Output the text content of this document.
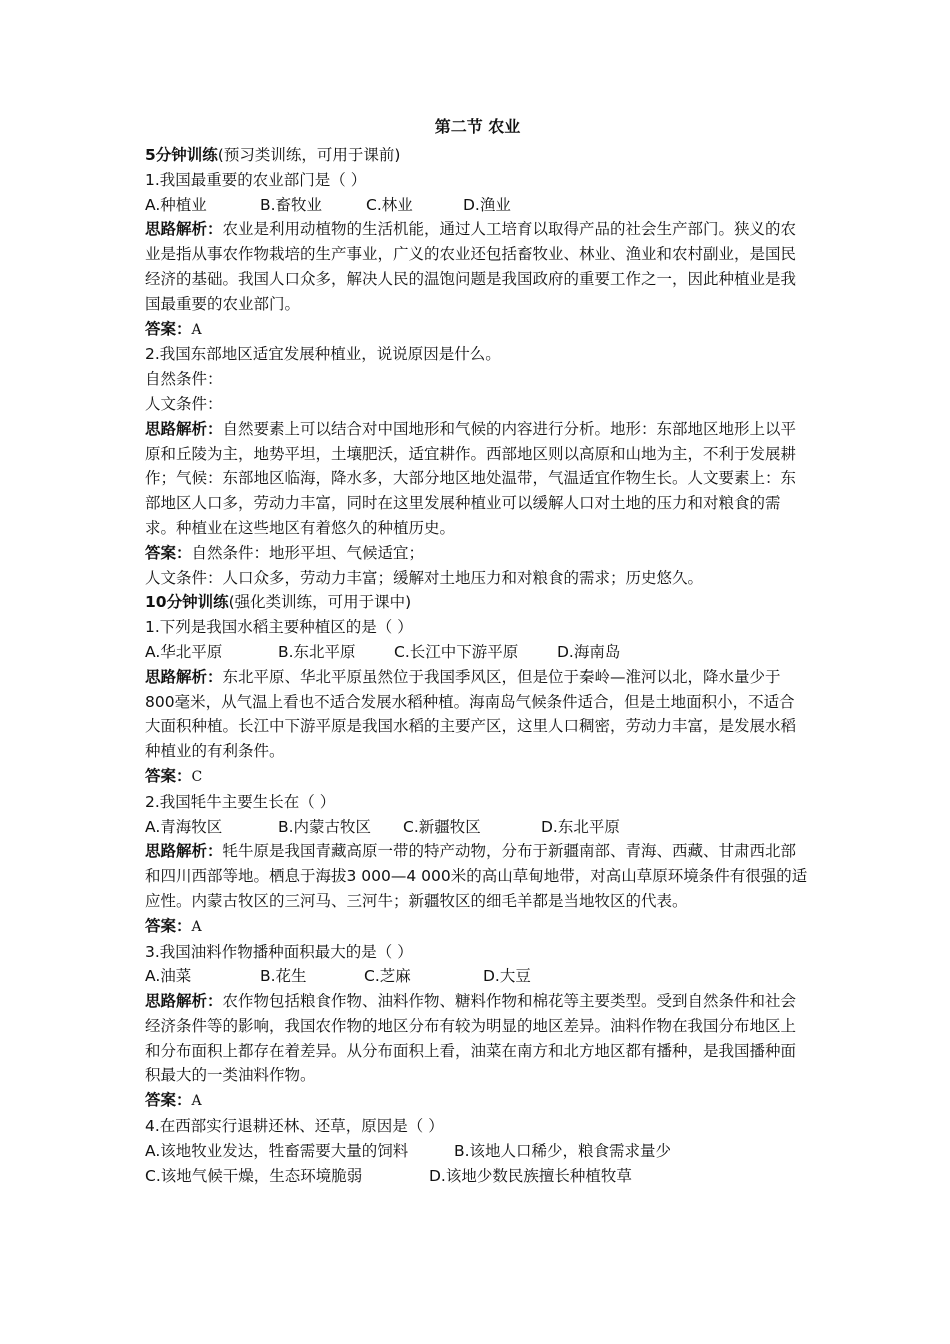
第二节 农业
5分钟训练(预习类训练，可用于课前)
1.我国最重要的农业部门是（ ）
A.种植业	B.畜牧业	C.林业	D.渔业
思路解析：农业是利用动植物的生活机能，通过人工培育以取得产品的社会生产部门。狭义的农业是指从事农作物栽培的生产事业，广义的农业还包括畜牧业、林业、渔业和农村副业，是国民经济的基础。我国人口众多，解决人民的温饱问题是我国政府的重要工作之一，因此种植业是我国最重要的农业部门。
答案：A
2.我国东部地区适宜发展种植业，说说原因是什么。
自然条件：
人文条件：
思路解析：自然要素上可以结合对中国地形和气候的内容进行分析。地形：东部地区地形上以平原和丘陵为主，地势平坦，土壤肥沃，适宜耕作。西部地区则以高原和山地为主，不利于发展耕作；气候：东部地区临海，降水多，大部分地区地处温带，气温适宜作物生长。人文要素上：东部地区人口多，劳动力丰富，同时在这里发展种植业可以缓解人口对土地的压力和对粮食的需求。种植业在这些地区有着悠久的种植历史。
答案：自然条件：地形平坦、气候适宜；
人文条件：人口众多，劳动力丰富；缓解对土地压力和对粮食的需求；历史悠久。
10分钟训练(强化类训练，可用于课中)
1.下列是我国水稻主要种植区的是（ ）
A.华北平原	B.东北平原	C.长江中下游平原	D.海南岛
思路解析：东北平原、华北平原虽然位于我国季风区，但是位于秦岭—淮河以北，降水量少于800毫米，从气温上看也不适合发展水稻种植。海南岛气候条件适合，但是土地面积小，不适合大面积种植。长江中下游平原是我国水稻的主要产区，这里人口稠密，劳动力丰富，是发展水稻种植业的有利条件。
答案：C
2.我国牦牛主要生长在（ ）
A.青海牧区	B.内蒙古牧区	C.新疆牧区	D.东北平原
思路解析：牦牛原是我国青藏高原一带的特产动物，分布于新疆南部、青海、西藏、甘肃西北部和四川西部等地。栖息于海拔3 000—4 000米的高山草甸地带，对高山草原环境条件有很强的适应性。内蒙古牧区的三河马、三河牛；新疆牧区的细毛羊都是当地牧区的代表。
答案：A
3.我国油料作物播种面积最大的是（ ）
A.油菜	B.花生	C.芝麻	D.大豆
思路解析：农作物包括粮食作物、油料作物、糖料作物和棉花等主要类型。受到自然条件和社会经济条件等的影响，我国农作物的地区分布有较为明显的地区差异。油料作物在我国分布地区上和分布面积上都存在着差异。从分布面积上看，油菜在南方和北方地区都有播种，是我国播种面积最大的一类油料作物。
答案：A
4.在西部实行退耕还林、还草，原因是（ ）
A.该地牧业发达，牲畜需要大量的饲料	B.该地人口稀少，粮食需求量少
C.该地气候干燥，生态环境脆弱	D.该地少数民族擅长种植牧草
